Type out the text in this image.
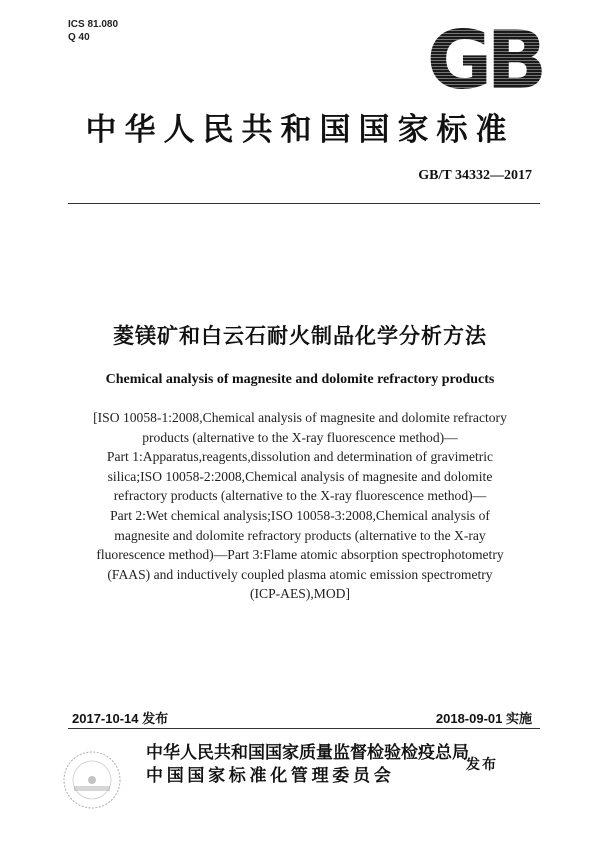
ICS 81.080
Q 40
中华人民共和国国家标准
GB/T 34332—2017
菱镁矿和白云石耐火制品化学分析方法
Chemical analysis of magnesite and dolomite refractory products
[ISO 10058-1:2008,Chemical analysis of magnesite and dolomite refractory
products (alternative to the X-ray fluorescence method)—
Part 1:Apparatus,reagents,dissolution and determination of gravimetric
silica;ISO 10058-2:2008,Chemical analysis of magnesite and dolomite
refractory products (alternative to the X-ray fluorescence method)—
Part 2:Wet chemical analysis;ISO 10058-3:2008,Chemical analysis of
magnesite and dolomite refractory products (alternative to the X-ray
fluorescence method)—Part 3:Flame atomic absorption spectrophotometry
(FAAS) and inductively coupled plasma atomic emission spectrometry
(ICP-AES),MOD]
2017-10-14 发布	2018-09-01 实施
中华人民共和国国家质量监督检验检疫总局
中国国家标准化管理委员会
发布
